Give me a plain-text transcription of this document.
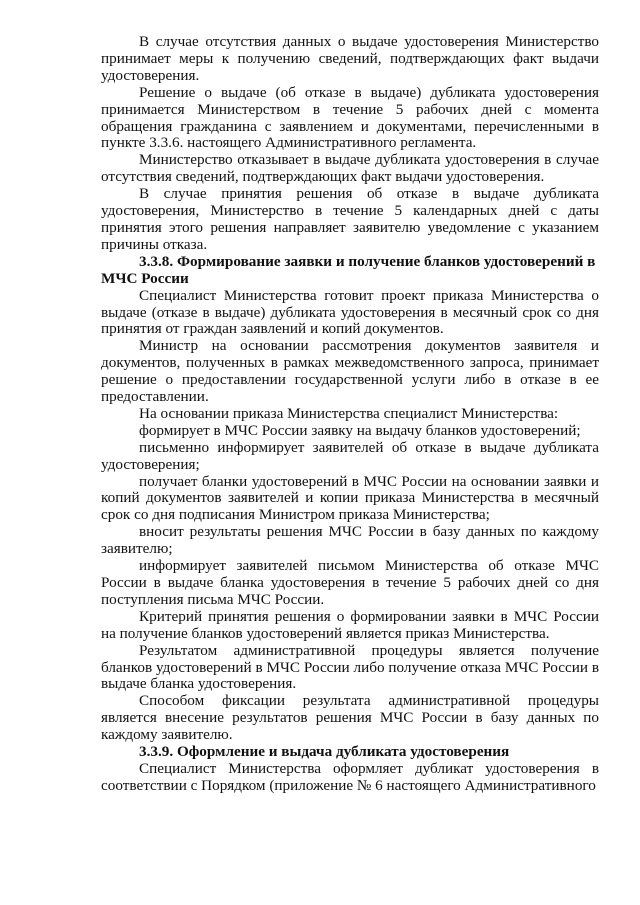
В случае отсутствия данных о выдаче удостоверения Министерство принимает меры к получению сведений, подтверждающих факт выдачи удостоверения.

Решение о выдаче (об отказе в выдаче) дубликата удостоверения принимается Министерством в течение 5 рабочих дней с момента обращения гражданина с заявлением и документами, перечисленными в пункте 3.3.6. настоящего Административного регламента.

Министерство отказывает в выдаче дубликата удостоверения в случае отсутствия сведений, подтверждающих факт выдачи удостоверения.

В случае принятия решения об отказе в выдаче дубликата удостоверения, Министерство в течение 5 календарных дней с даты принятия этого решения направляет заявителю уведомление с указанием причины отказа.

3.3.8. Формирование заявки и получение бланков удостоверений в МЧС России

Специалист Министерства готовит проект приказа Министерства о выдаче (отказе в выдаче) дубликата удостоверения в месячный срок со дня принятия от граждан заявлений и копий документов.

Министр на основании рассмотрения документов заявителя и документов, полученных в рамках межведомственного запроса, принимает решение о предоставлении государственной услуги либо в отказе в ее предоставлении.

На основании приказа Министерства специалист Министерства:

формирует в МЧС России заявку на выдачу бланков удостоверений;

письменно информирует заявителей об отказе в выдаче дубликата удостоверения;

получает бланки удостоверений в МЧС России на основании заявки и копий документов заявителей и копии приказа Министерства в месячный срок со дня подписания Министром приказа Министерства;

вносит результаты решения МЧС России в базу данных по каждому заявителю;

информирует заявителей письмом Министерства об отказе МЧС России в выдаче бланка удостоверения в течение 5 рабочих дней со дня поступления письма МЧС России.

Критерий принятия решения о формировании заявки в МЧС России на получение бланков удостоверений является приказ Министерства.

Результатом административной процедуры является получение бланков удостоверений в МЧС России либо получение отказа МЧС России в выдаче бланка удостоверения.

Способом фиксации результата административной процедуры является внесение результатов решения МЧС России в базу данных по каждому заявителю.

3.3.9. Оформление и выдача дубликата удостоверения

Специалист Министерства оформляет дубликат удостоверения в соответствии с Порядком (приложение № 6 настоящего Административного
